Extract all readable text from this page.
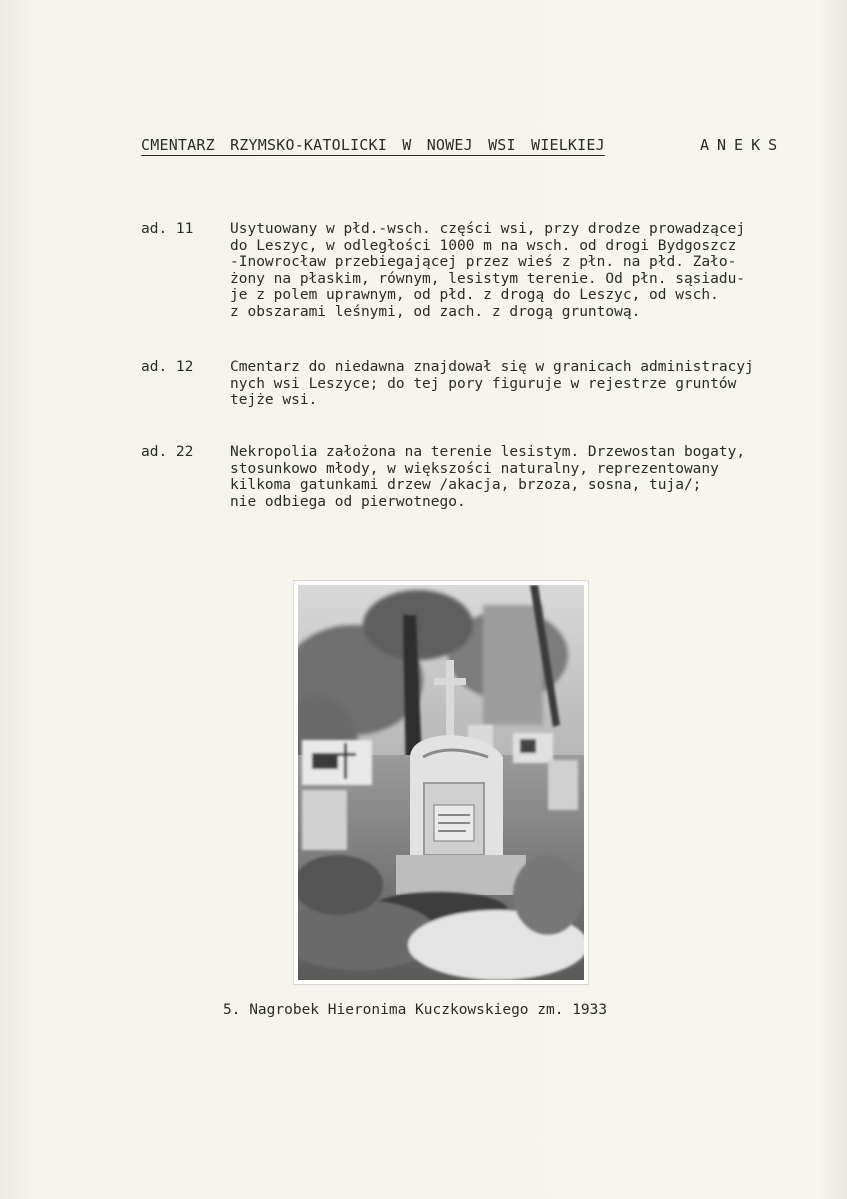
CMENTARZ RZYMSKO-KATOLICKI W NOWEJ WSI WIELKIEJ	ANEKS
ad. 11	Usytuowany w płd.-wsch. części wsi, przy drodze prowadzącej
do Leszyc, w odległości 1000 m na wsch. od drogi Bydgoszcz
-Inowrocław przebiegającej przez wieś z płn. na płd. Zało-
żony na płaskim, równym, lesistym terenie. Od płn. sąsiadu-
je z polem uprawnym, od płd. z drogą do Leszyc, od wsch.
z obszarami leśnymi, od zach. z drogą gruntową.
ad. 12	Cmentarz do niedawna znajdował się w granicach administracyj
nych wsi Leszyce; do tej pory figuruje w rejestrze gruntów
tejże wsi.
ad. 22	Nekropolia założona na terenie lesistym. Drzewostan bogaty,
stosunkowo młody, w większości naturalny, reprezentowany
kilkoma gatunkami drzew /akacja, brzoza, sosna, tuja/;
nie odbiega od pierwotnego.
5. Nagrobek Hieronima Kuczkowskiego zm. 1933
